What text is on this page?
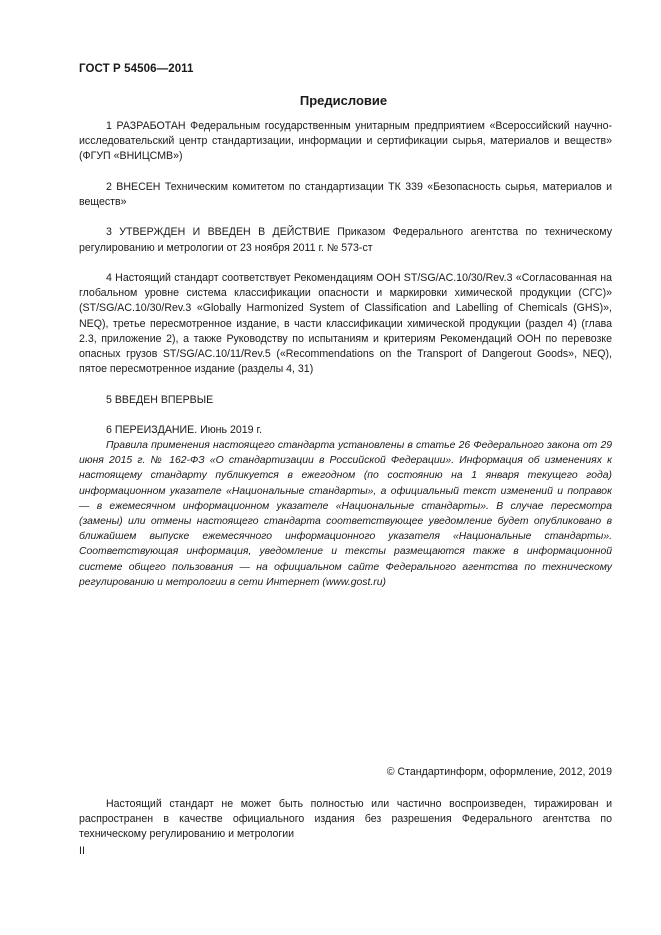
ГОСТ Р 54506—2011
Предисловие

1 РАЗРАБОТАН Федеральным государственным унитарным предприятием «Всероссийский научно-исследовательский центр стандартизации, информации и сертификации сырья, материалов и веществ» (ФГУП «ВНИЦСМВ»)

2 ВНЕСЕН Техническим комитетом по стандартизации ТК 339 «Безопасность сырья, материалов и веществ»

3 УТВЕРЖДЕН И ВВЕДЕН В ДЕЙСТВИЕ Приказом Федерального агентства по техническому регулированию и метрологии от 23 ноября 2011 г. № 573-ст

4 Настоящий стандарт соответствует Рекомендациям ООН ST/SG/AC.10/30/Rev.3 «Согласованная на глобальном уровне система классификации опасности и маркировки химической продукции (СГС)» (ST/SG/AC.10/30/Rev.3 «Globally Harmonized System of Classification and Labelling of Chemicals (GHS)», NEQ), третье пересмотренное издание, в части классификации химической продукции (раздел 4) (глава 2.3, приложение 2), а также Руководству по испытаниям и критериям Рекомендаций ООН по перевозке опасных грузов ST/SG/AC.10/11/Rev.5 («Recommendations on the Transport of Dangerout Goods», NEQ), пятое пересмотренное издание (разделы 4, 31)

5 ВВЕДЕН ВПЕРВЫЕ

6 ПЕРЕИЗДАНИЕ. Июнь 2019 г.

Правила применения настоящего стандарта установлены в статье 26 Федерального закона от 29 июня 2015 г. № 162-ФЗ «О стандартизации в Российской Федерации». Информация об изменениях к настоящему стандарту публикуется в ежегодном (по состоянию на 1 января текущего года) информационном указателе «Национальные стандарты», а официальный текст изменений и поправок — в ежемесячном информационном указателе «Национальные стандарты». В случае пересмотра (замены) или отмены настоящего стандарта соответствующее уведомление будет опубликовано в ближайшем выпуске ежемесячного информационного указателя «Национальные стандарты». Соответствующая информация, уведомление и тексты размещаются также в информационной системе общего пользования — на официальном сайте Федерального агентства по техническому регулированию и метрологии в сети Интернет (www.gost.ru)
© Стандартинформ, оформление, 2012, 2019
Настоящий стандарт не может быть полностью или частично воспроизведен, тиражирован и распространен в качестве официального издания без разрешения Федерального агентства по техническому регулированию и метрологии
II
